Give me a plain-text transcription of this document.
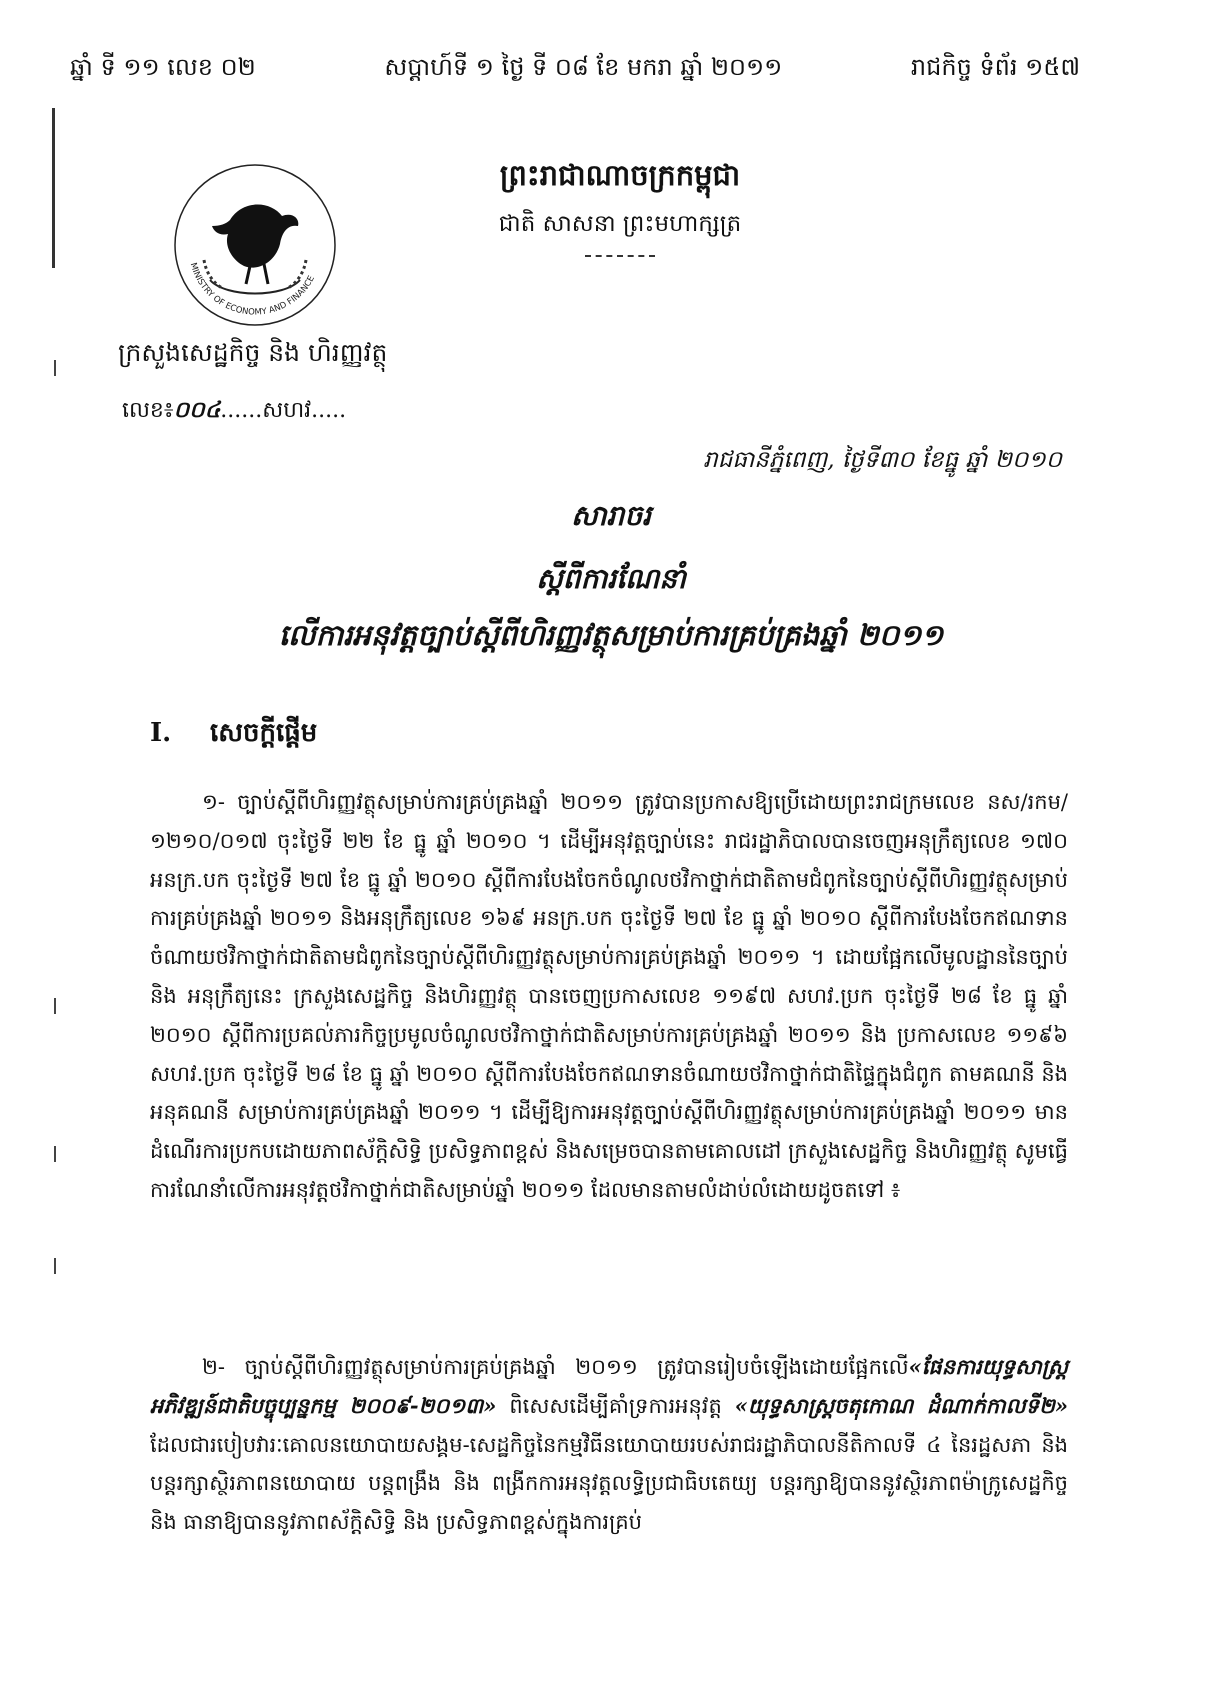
ឆ្នាំ ទី ១១ លេខ ០២	សប្តាហ៍ទី ១ ថ្ងៃ ទី ០៨ ខែ មករា ឆ្នាំ ២០១១	រាជកិច្ច ទំព័រ ១៥៧
MINISTRY OF ECONOMY AND FINANCE
ក្រសួងសេដ្ឋកិច្ច និង ហិរញ្ញវត្ថុ
លេខ៖០០៤......សហវ.....
ព្រះរាជាណាចក្រកម្ពុជា
ជាតិ សាសនា ព្រះមហាក្សត្រ
រាជធានីភ្នំពេញ, ថ្ងៃទី៣០ ខែធ្នូ ឆ្នាំ ២០១០
សារាចរ
ស្តីពីការណែនាំ
លើការអនុវត្តច្បាប់ស្តីពីហិរញ្ញវត្ថុសម្រាប់ការគ្រប់គ្រងឆ្នាំ ២០១១
I. សេចក្តីផ្តើម

១- ច្បាប់ស្តីពីហិរញ្ញវត្ថុសម្រាប់ការគ្រប់គ្រងឆ្នាំ ២០១១ ត្រូវបានប្រកាសឱ្យប្រើដោយព្រះរាជក្រមលេខ នស/រកម/១២១០/០១៧ ចុះថ្ងៃទី ២២ ខែ ធ្នូ ឆ្នាំ ២០១០ ។ ដើម្បីអនុវត្តច្បាប់នេះ រាជរដ្ឋាភិបាលបានចេញអនុក្រឹត្យលេខ ១៧០ អនក្រ.បក ចុះថ្ងៃទី ២៧ ខែ ធ្នូ ឆ្នាំ ២០១០ ស្តីពីការបែងចែកចំណូលថវិកាថ្នាក់ជាតិតាមជំពូកនៃច្បាប់ស្តីពីហិរញ្ញវត្ថុសម្រាប់ការគ្រប់គ្រងឆ្នាំ ២០១១ និងអនុក្រឹត្យលេខ ១៦៩ អនក្រ.បក ចុះថ្ងៃទី ២៧ ខែ ធ្នូ ឆ្នាំ ២០១០ ស្តីពីការបែងចែកឥណទានចំណាយថវិកាថ្នាក់ជាតិតាមជំពូកនៃច្បាប់ស្តីពីហិរញ្ញវត្ថុសម្រាប់ការគ្រប់គ្រងឆ្នាំ ២០១១ ។ ដោយផ្អែកលើមូលដ្ឋាននៃច្បាប់ និង អនុក្រឹត្យនេះ ក្រសួងសេដ្ឋកិច្ច និងហិរញ្ញវត្ថុ បានចេញប្រកាសលេខ ១១៩៧ សហវ.ប្រក ចុះថ្ងៃទី ២៨ ខែ ធ្នូ ឆ្នាំ ២០១០ ស្តីពីការប្រគល់ភារកិច្ចប្រមូលចំណូលថវិកាថ្នាក់ជាតិសម្រាប់ការគ្រប់គ្រងឆ្នាំ ២០១១ និង ប្រកាសលេខ ១១៩៦ សហវ.ប្រក ចុះថ្ងៃទី ២៨ ខែ ធ្នូ ឆ្នាំ ២០១០ ស្តីពីការបែងចែកឥណទានចំណាយថវិកាថ្នាក់ជាតិផ្ទៃក្នុងជំពូក តាមគណនី និងអនុគណនី សម្រាប់ការគ្រប់គ្រងឆ្នាំ ២០១១ ។ ដើម្បីឱ្យការអនុវត្តច្បាប់ស្តីពីហិរញ្ញវត្ថុសម្រាប់ការគ្រប់គ្រងឆ្នាំ ២០១១ មានដំណើរការប្រកបដោយភាពស័ក្តិសិទ្ធិ ប្រសិទ្ធភាពខ្ពស់ និងសម្រេចបានតាមគោលដៅ ក្រសួងសេដ្ឋកិច្ច និងហិរញ្ញវត្ថុ សូមធ្វើការណែនាំលើការអនុវត្តថវិកាថ្នាក់ជាតិសម្រាប់ឆ្នាំ ២០១១ ដែលមានតាមលំដាប់លំដោយដូចតទៅ ៖

២- ច្បាប់ស្តីពីហិរញ្ញវត្ថុសម្រាប់ការគ្រប់គ្រងឆ្នាំ ២០១១ ត្រូវបានរៀបចំឡើងដោយផ្អែកលើ«ផែនការយុទ្ធសាស្ត្រអភិវឌ្ឍន៍ជាតិបច្ចុប្បន្នកម្ម ២០០៩-២០១៣» ពិសេសដើម្បីគាំទ្រការអនុវត្ត «យុទ្ធសាស្ត្រចតុកោណ ដំណាក់កាលទី២» ដែលជារបៀបវារៈគោលនយោបាយសង្គម-សេដ្ឋកិច្ចនៃកម្មវិធីនយោបាយរបស់រាជរដ្ឋាភិបាលនីតិកាលទី ៤ នៃរដ្ឋសភា និង បន្តរក្សាស្ថិរភាពនយោបាយ បន្តពង្រឹង និង ពង្រីកការអនុវត្តលទ្ធិប្រជាធិបតេយ្យ បន្តរក្សាឱ្យបាននូវស្ថិរភាពម៉ាក្រូសេដ្ឋកិច្ច និង ធានាឱ្យបាននូវភាពស័ក្តិសិទ្ធិ និង ប្រសិទ្ធភាពខ្ពស់ក្នុងការគ្រប់
